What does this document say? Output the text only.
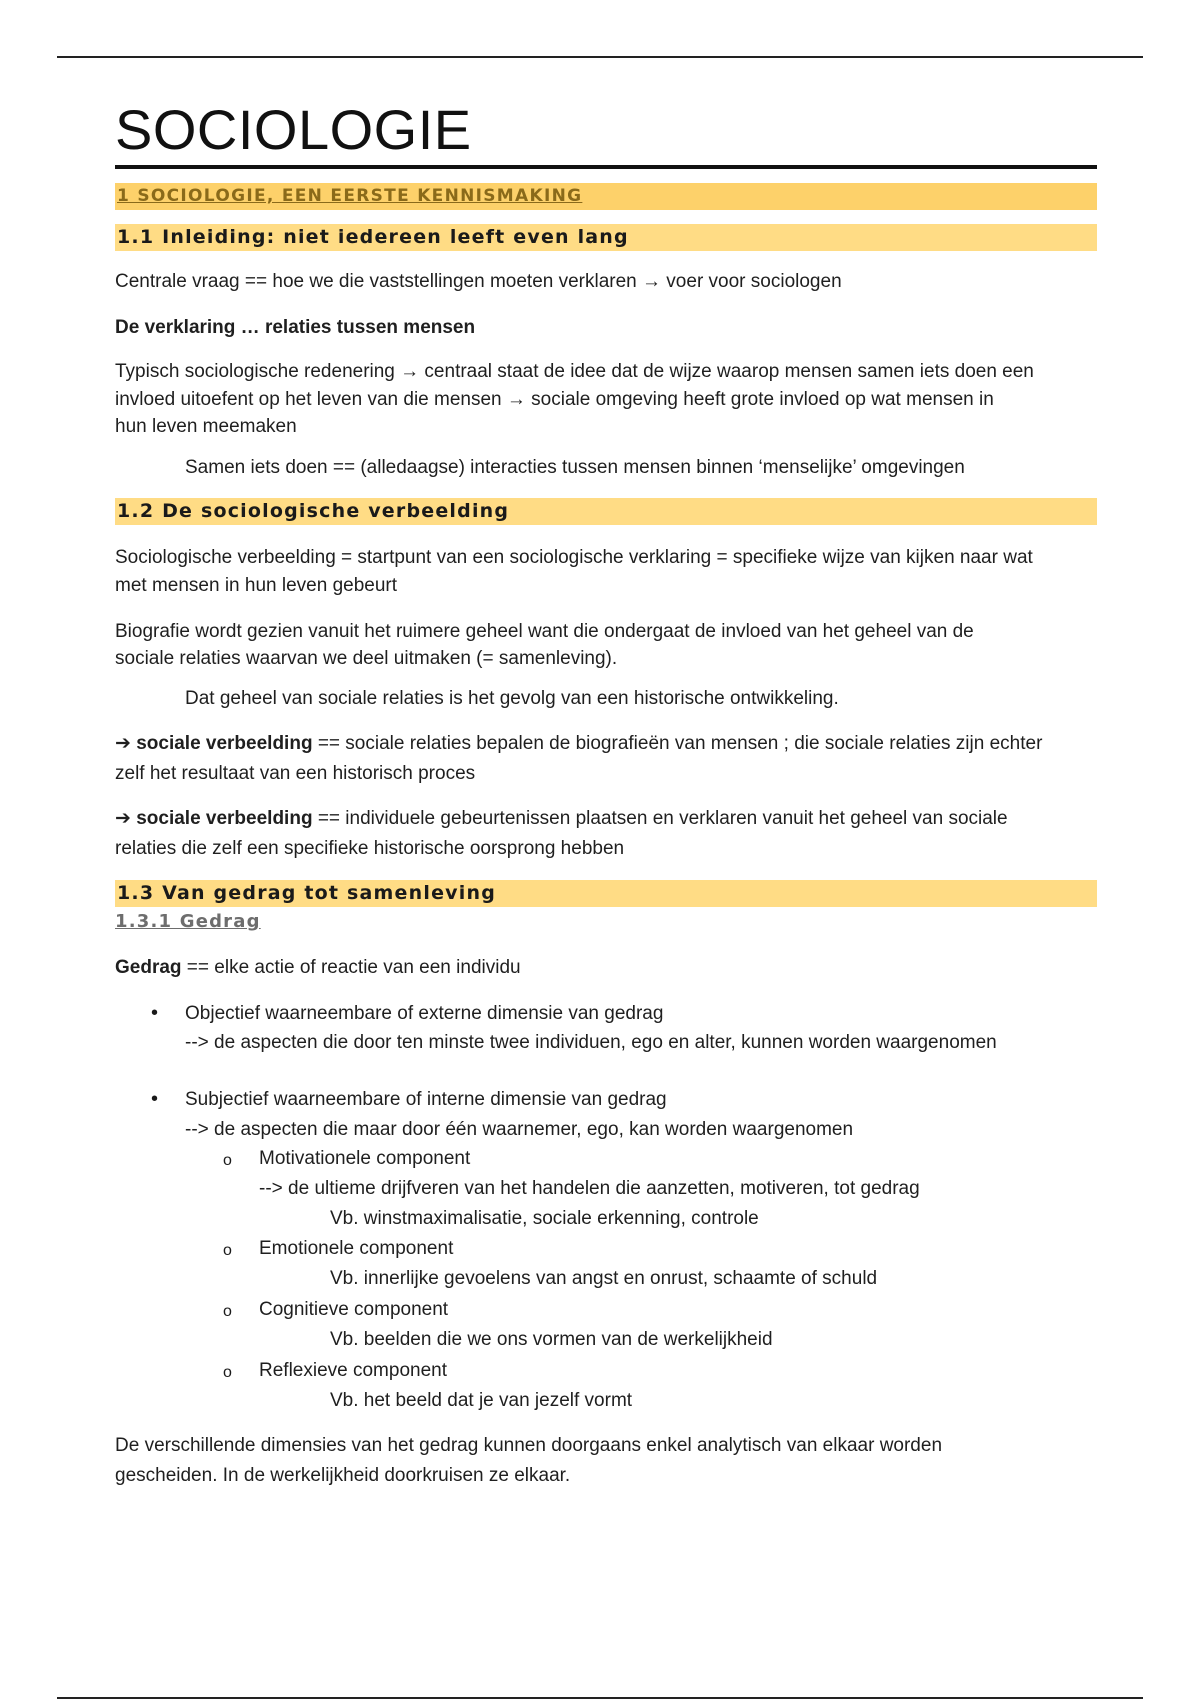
SOCIOLOGIE
1 SOCIOLOGIE, EEN EERSTE KENNISMAKING
1.1 Inleiding: niet iedereen leeft even lang

Centrale vraag == hoe we die vaststellingen moeten verklaren → voer voor sociologen

De verklaring … relaties tussen mensen

Typisch sociologische redenering → centraal staat de idee dat de wijze waarop mensen samen iets doen een

invloed uitoefent op het leven van die mensen → sociale omgeving heeft grote invloed op wat mensen in

hun leven meemaken

Samen iets doen == (alledaagse) interacties tussen mensen binnen ‘menselijke’ omgevingen

1.2 De sociologische verbeelding

Sociologische verbeelding = startpunt van een sociologische verklaring = specifieke wijze van kijken naar wat

met mensen in hun leven gebeurt

Biografie wordt gezien vanuit het ruimere geheel want die ondergaat de invloed van het geheel van de

sociale relaties waarvan we deel uitmaken (= samenleving).

Dat geheel van sociale relaties is het gevolg van een historische ontwikkeling.

➔ sociale verbeelding == sociale relaties bepalen de biografieën van mensen ; die sociale relaties zijn echter

zelf het resultaat van een historisch proces

➔ sociale verbeelding == individuele gebeurtenissen plaatsen en verklaren vanuit het geheel van sociale

relaties die zelf een specifieke historische oorsprong hebben

1.3 Van gedrag tot samenleving
1.3.1 Gedrag

Gedrag == elke actie of reactie van een individu

• Objectief waarneembare of externe dimensie van gedrag

--> de aspecten die door ten minste twee individuen, ego en alter, kunnen worden waargenomen

• Subjectief waarneembare of interne dimensie van gedrag

--> de aspecten die maar door één waarnemer, ego, kan worden waargenomen

o Motivationele component

--> de ultieme drijfveren van het handelen die aanzetten, motiveren, tot gedrag

Vb. winstmaximalisatie, sociale erkenning, controle

o Emotionele component

Vb. innerlijke gevoelens van angst en onrust, schaamte of schuld

o Cognitieve component

Vb. beelden die we ons vormen van de werkelijkheid

o Reflexieve component

Vb. het beeld dat je van jezelf vormt

De verschillende dimensies van het gedrag kunnen doorgaans enkel analytisch van elkaar worden

gescheiden. In de werkelijkheid doorkruisen ze elkaar.
